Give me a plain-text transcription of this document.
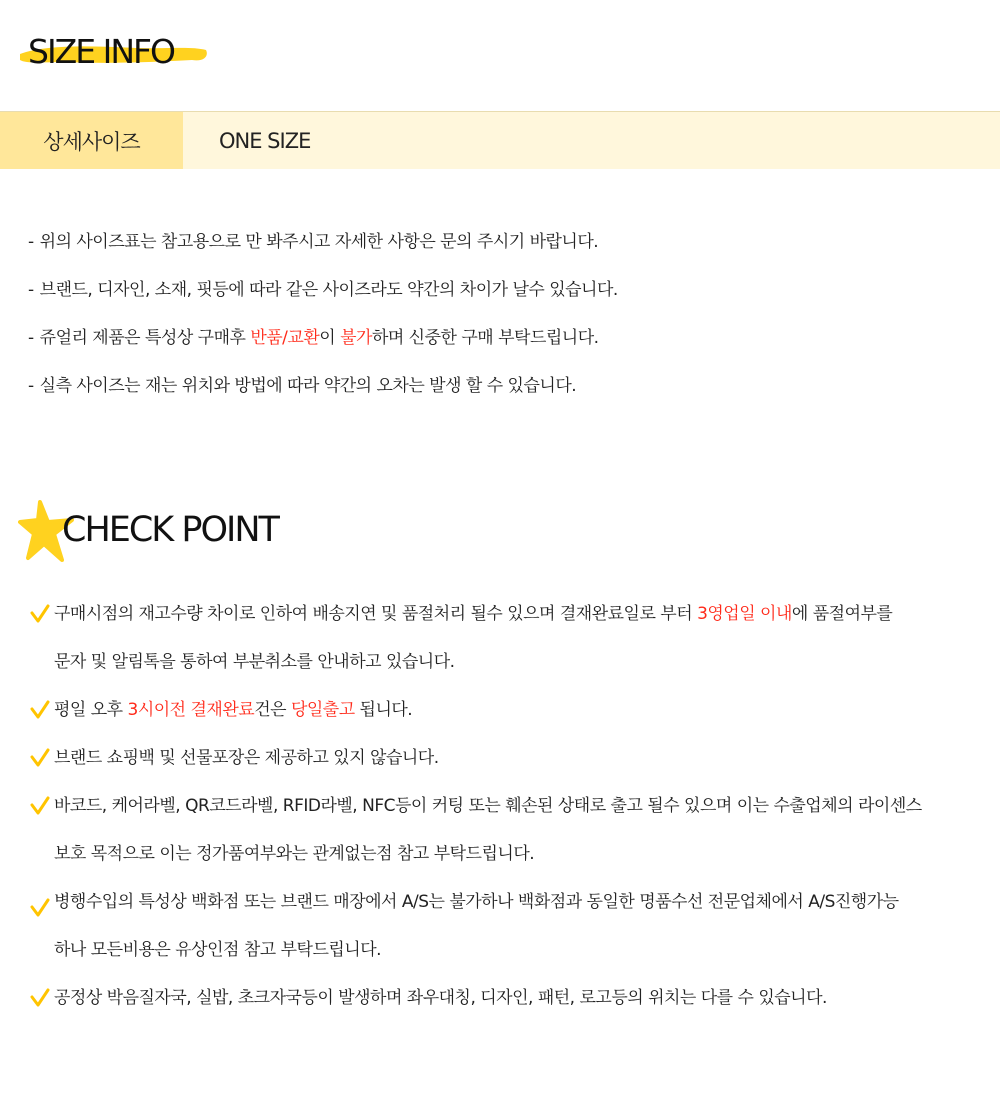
SIZE INFO
상세사이즈	ONE SIZE
- 위의 사이즈표는 참고용으로 만 봐주시고 자세한 사항은 문의 주시기 바랍니다.
- 브랜드, 디자인, 소재, 핏등에 따라 같은 사이즈라도 약간의 차이가 날수 있습니다.
- 쥬얼리 제품은 특성상 구매후 반품/교환이 불가하며 신중한 구매 부탁드립니다.
- 실측 사이즈는 재는 위치와 방법에 따라 약간의 오차는 발생 할 수 있습니다.
CHECK POINT
구매시점의 재고수량 차이로 인하여 배송지연 및 품절처리 될수 있으며 결재완료일로 부터 3영업일 이내에 품절여부를
문자 및 알림톡을 통하여 부분취소를 안내하고 있습니다.
평일 오후 3시이전 결재완료건은 당일출고 됩니다.
브랜드 쇼핑백 및 선물포장은 제공하고 있지 않습니다.
바코드, 케어라벨, QR코드라벨, RFID라벨, NFC등이 커팅 또는 훼손된 상태로 출고 될수 있으며 이는 수출업체의 라이센스
보호 목적으로 이는 정가품여부와는 관계없는점 참고 부탁드립니다.
병행수입의 특성상 백화점 또는 브랜드 매장에서 A/S는 불가하나 백화점과 동일한 명품수선 전문업체에서 A/S진행가능
하나 모든비용은 유상인점 참고 부탁드립니다.
공정상 박음질자국, 실밥, 초크자국등이 발생하며 좌우대칭, 디자인, 패턴, 로고등의 위치는 다를 수 있습니다.
